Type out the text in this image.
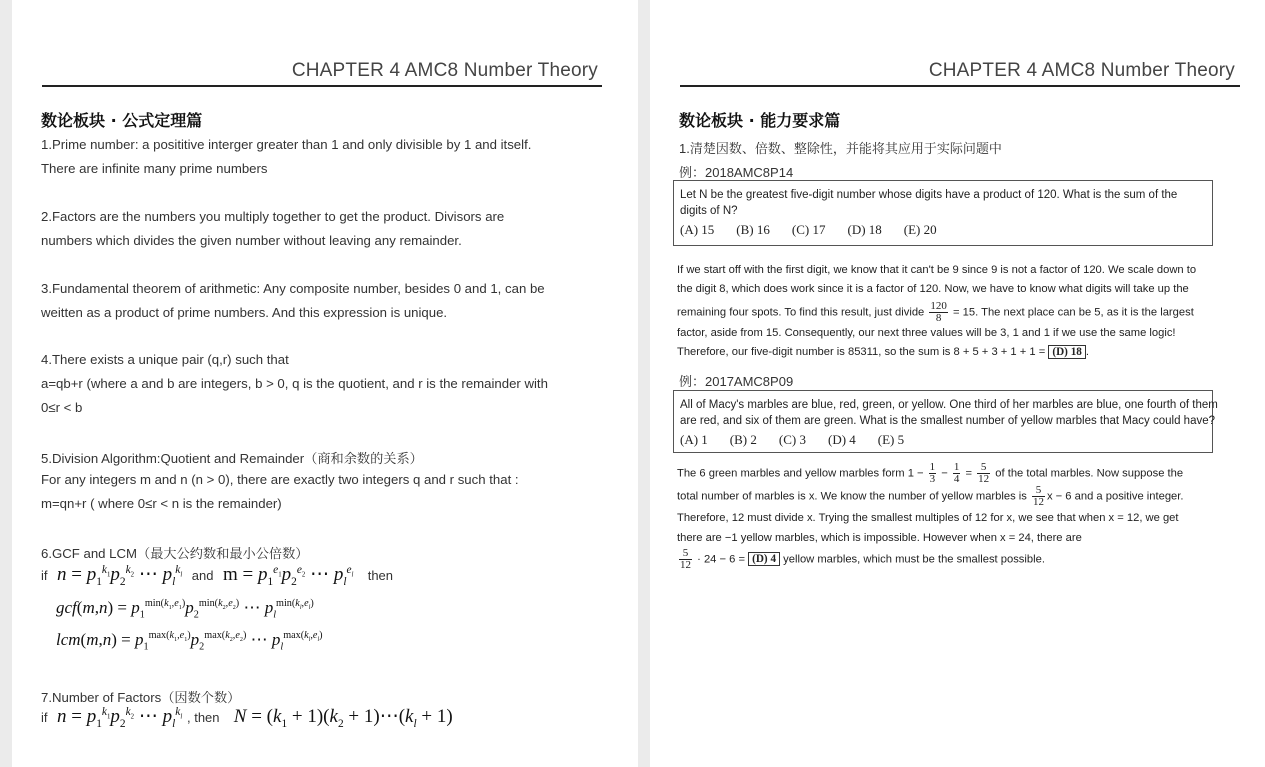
CHAPTER 4 AMC8 Number Theory
数论板块 · 公式定理篇
1.Prime number: a posititive interger greater than 1 and only divisible by 1 and itself.
There are infinite many prime numbers
2.Factors are the numbers you multiply together to get the product. Divisors are
numbers which divides the given number without leaving any remainder.
3.Fundamental theorem of arithmetic: Any composite number, besides 0 and 1, can be
weitten as a product of prime numbers. And this expression is unique.
4.There exists a unique pair (q,r) such that
a=qb+r (where a and b are integers, b > 0, q is the quotient, and r is the remainder with
0≤r < b
5.Division Algorithm:Quotient and Remainder（商和余数的关系）
For any integers m and n (n > 0), there are exactly two integers q and r such that :
m=qn+r ( where 0≤r < n is the remainder)
6.GCF and LCM（最大公约数和最小公倍数）
if $n = p_1^{k_1}p_2^{k_2}$ ⋯ $p_l^{k_l}$ and  $m = p_1^{e_1}p_2^{e_2}$ ⋯ $p_l^{e_l}$ then
$gcf(m,n) = p_1^{min(k_1,e_1)}p_2^{min(k_2,e_2)}$ ⋯ $p_l^{min(k_l,e_l)}$
$lcm(m,n) = p_1^{max(k_1,e_1)}p_2^{max(k_2,e_2)}$ ⋯ $p_l^{max(k_l,e_l)}$
7.Number of Factors（因数个数）
if $n = p_1^{k_1}p_2^{k_2}$ ⋯ $p_l^{k_l}$ , then $N = (k_1 + 1)(k_2$ + $1)\cdots(k_l + 1)$
CHAPTER 4 AMC8 Number Theory
数论板块 · 能力要求篇
1.清楚因数、倍数、整除性，并能将其应用于实际问题中
例：2018AMC8P14
Let N be the greatest five-digit number whose digits have a product of 120. What is the sum of the digits of N?
(A) 15 (B) 16 (C) 17 (D) 18 (E) 20
If we start off with the first digit, we know that it can't be 9 since 9 is not a factor of 120. We scale down to
the digit 8, which does work since it is a factor of 120. Now, we have to know what digits will take up the
remaining four spots. To find this result, just divide $\frac{120}{8} = 15$. The next place can be 5, as it is the largest
factor, aside from 15. Consequently, our next three values will be 3, 1 and 1 if we use the same logic!
Therefore, our five-digit number is 85311, so the sum is 8 + 5 + 3 + 1 + 1 = (D) 18 .
例：2017AMC8P09
All of Macy's marbles are blue, red, green, or yellow. One third of her marbles are blue, one fourth of them
are red, and six of them are green. What is the smallest number of yellow marbles that Macy could have?
(A) 1 (B) 2 (C) 3 (D) 4 (E) 5
The 6 green marbles and yellow marbles form $1 - \frac{1}{3} - \frac{1}{4} = \frac{5}{12}$ of the total marbles. Now suppose the
total number of marbles is x. We know the number of yellow marbles is $\frac{5}{12}$ x − 6 and a positive integer.
Therefore, 12 must divide x. Trying the smallest multiples of 12 for x, we see that when x = 12, we get
there are −1 yellow marbles, which is impossible. However when x = 24, there are
$\frac{5}{12} \cdot 24 - 6 = (D)$ 4 yellow marbles, which must be the smallest possible.
